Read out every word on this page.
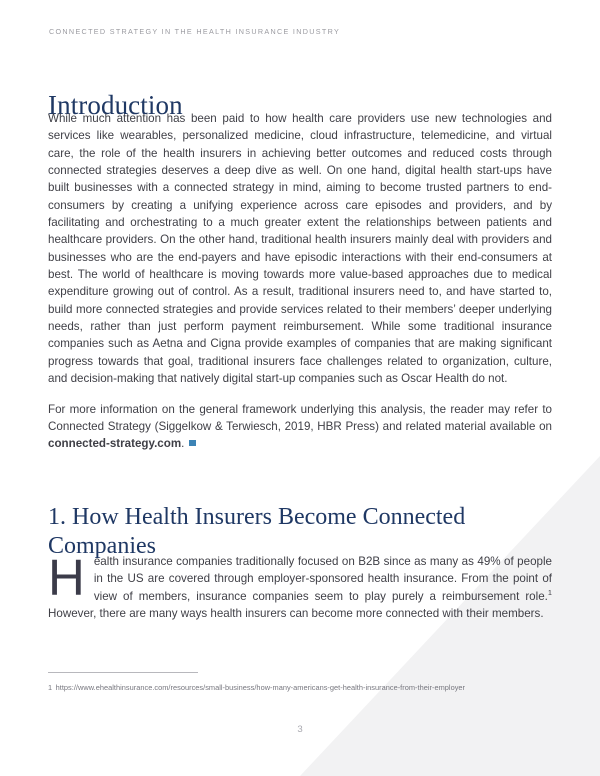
CONNECTED STRATEGY IN THE HEALTH INSURANCE INDUSTRY
Introduction

While much attention has been paid to how health care providers use new technologies and services like wearables, personalized medicine, cloud infrastructure, telemedicine, and virtual care, the role of the health insurers in achieving better outcomes and reduced costs through connected strategies deserves a deep dive as well. On one hand, digital health start-ups have built businesses with a connected strategy in mind, aiming to become trusted partners to end-consumers by creating a unifying experience across care episodes and providers, and by facilitating and orchestrating to a much greater extent the relationships between patients and healthcare providers. On the other hand, traditional health insurers mainly deal with providers and businesses who are the end-payers and have episodic interactions with their end-consumers at best. The world of healthcare is moving towards more value-based approaches due to medical expenditure growing out of control. As a result, traditional insurers need to, and have started to, build more connected strategies and provide services related to their members’ deeper underlying needs, rather than just perform payment reimbursement. While some traditional insurance companies such as Aetna and Cigna provide examples of companies that are making significant progress towards that goal, traditional insurers face challenges related to organization, culture, and decision-making that natively digital start-up companies such as Oscar Health do not.

For more information on the general framework underlying this analysis, the reader may refer to Connected Strategy (Siggelkow & Terwiesch, 2019, HBR Press) and related material available on connected-strategy.com.

1. How Health Insurers Become Connected Companies

Health insurance companies traditionally focused on B2B since as many as 49% of people in the US are covered through employer-sponsored health insurance. From the point of view of members, insurance companies seem to play purely a reimbursement role.$^1$ However, there are many ways health insurers can become more connected with their members.

1 https://www.ehealthinsurance.com/resources/small-business/how-many-americans-get-health-insurance-from-their-employer
3
